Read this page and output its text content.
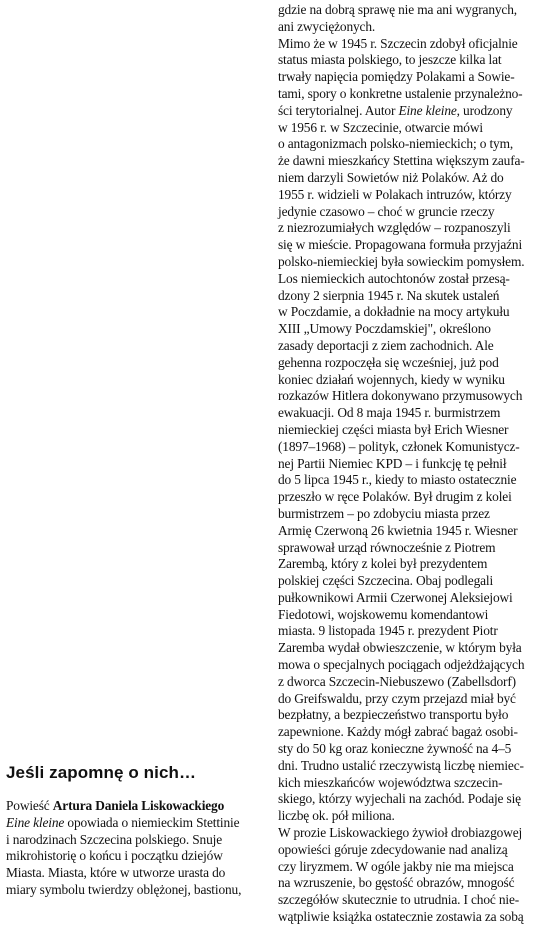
Jeśli zapomnę o nich…
Powieść Artura Daniela Liskowackiego
Eine kleine opowiada o niemieckim Stettinie
i narodzinach Szczecina polskiego. Snuje
mikrohistorię o końcu i początku dziejów
Miasta. Miasta, które w utworze urasta do
miary symbolu twierdzy oblężonej, bastionu,
gdzie na dobrą sprawę nie ma ani wygranych,
ani zwyciężonych.
Mimo że w 1945 r. Szczecin zdobył oficjalnie
status miasta polskiego, to jeszcze kilka lat
trwały napięcia pomiędzy Polakami a Sowie-
tami, spory o konkretne ustalenie przynależno-
ści terytorialnej. Autor Eine kleine, urodzony
w 1956 r. w Szczecinie, otwarcie mówi
o antagonizmach polsko-niemieckich; o tym,
że dawni mieszkańcy Stettina większym zaufa-
niem darzyli Sowietów niż Polaków. Aż do
1955 r. widzieli w Polakach intruzów, którzy
jedynie czasowo – choć w gruncie rzeczy
z niezrozumiałych względów – rozpanoszyli
się w mieście. Propagowana formuła przyjaźni
polsko-niemieckiej była sowieckim pomysłem.
Los niemieckich autochtonów został przesą-
dzony 2 sierpnia 1945 r. Na skutek ustaleń
w Poczdamie, a dokładnie na mocy artykułu
XIII „Umowy Poczdamskiej", określono
zasady deportacji z ziem zachodnich. Ale
gehenna rozpoczęła się wcześniej, już pod
koniec działań wojennych, kiedy w wyniku
rozkazów Hitlera dokonywano przymusowych
ewakuacji. Od 8 maja 1945 r. burmistrzem
niemieckiej części miasta był Erich Wiesner
(1897–1968) – polityk, członek Komunistycz-
nej Partii Niemiec KPD – i funkcję tę pełnił
do 5 lipca 1945 r., kiedy to miasto ostatecznie
przeszło w ręce Polaków. Był drugim z kolei
burmistrzem – po zdobyciu miasta przez
Armię Czerwoną 26 kwietnia 1945 r. Wiesner
sprawował urząd równocześnie z Piotrem
Zarembą, który z kolei był prezydentem
polskiej części Szczecina. Obaj podlegali
pułkownikowi Armii Czerwonej Aleksiejowi
Fiedotowi, wojskowemu komendantowi
miasta. 9 listopada 1945 r. prezydent Piotr
Zaremba wydał obwieszczenie, w którym była
mowa o specjalnych pociągach odjeżdżających
z dworca Szczecin-Niebuszewo (Zabellsdorf)
do Greifswaldu, przy czym przejazd miał być
bezpłatny, a bezpieczeństwo transportu było
zapewnione. Każdy mógł zabrać bagaż osobi-
sty do 50 kg oraz konieczne żywność na 4–5
dni. Trudno ustalić rzeczywistą liczbę niemiec-
kich mieszkańców województwa szczecin-
skiego, którzy wyjechali na zachód. Podaje się
liczbę ok. pół miliona.
W prozie Liskowackiego żywioł drobiazgowej
opowieści góruje zdecydowanie nad analizą
czy liryzmem. W ogóle jakby nie ma miejsca
na wzruszenie, bo gęstość obrazów, mnogość
szczegółów skutecznie to utrudnia. I choć nie-
wątpliwie książka ostatecznie zostawia za sobą
